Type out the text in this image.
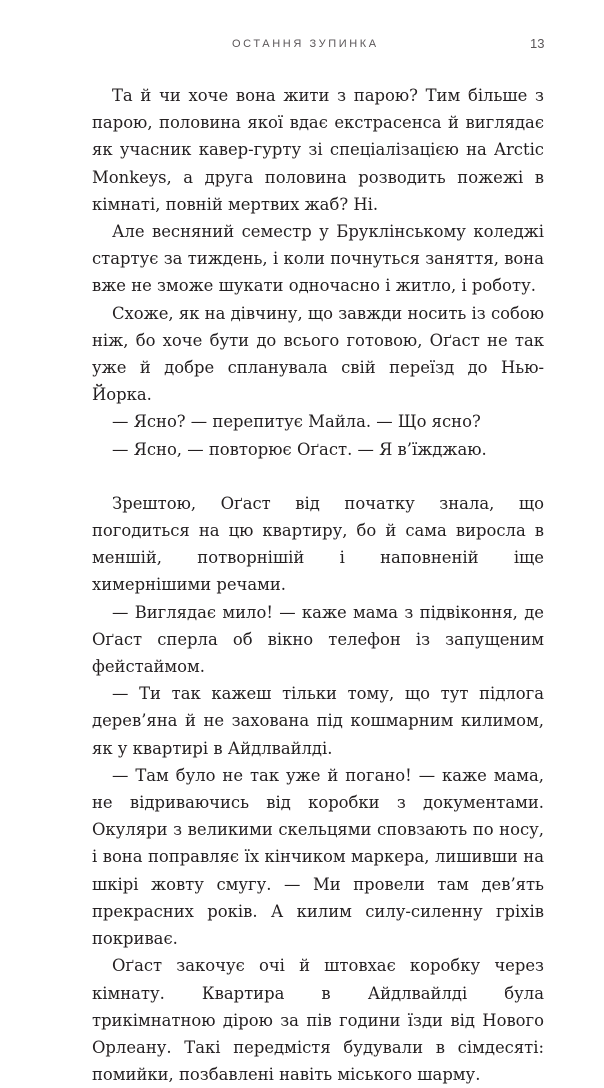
ОСТАННЯ ЗУПИНКА	13

Та й чи хоче вона жити з парою? Тим більше з парою, половина якої вдає екстрасенса й виглядає як учасник кавер-гурту зі спеціалізацією на Arctic Monkeys, а друга половина розводить пожежі в кімнаті, повній мертвих жаб? Ні.

Але весняний семестр у Бруклінському коледжі стартує за тиждень, і коли почнуться заняття, вона вже не зможе шукати одночасно і житло, і роботу.

Схоже, як на дівчину, що завжди носить із собою ніж, бо хоче бути до всього готовою, Оґаст не так уже й добре спланувала свій переїзд до Нью-Йорка.

— Ясно? — перепитує Майла. — Що ясно?

— Ясно, — повторює Оґаст. — Я в’їжджаю.

Зрештою, Оґаст від початку знала, що погодиться на цю квартиру, бо й сама виросла в меншій, потворнішій і наповненій іще химернішими речами.

— Виглядає мило! — каже мама з підвіконня, де Оґаст сперла об вікно телефон із запущеним фейстаймом.

— Ти так кажеш тільки тому, що тут підлога дерев’яна й не захована під кошмарним килимом, як у квартирі в Айдлвайлді.

— Там було не так уже й погано! — каже мама, не відриваючись від коробки з документами. Окуляри з великими скельцями сповзають по носу, і вона поправляє їх кінчиком маркера, лишивши на шкірі жовту смугу. — Ми провели там дев’ять прекрасних років. А килим силу-силенну гріхів покриває.

Оґаст закочує очі й штовхає коробку через кімнату. Квартира в Айдлвайлді була трикімнатною дірою за пів години їзди від Нового Орлеану. Такі передмістя будували в сімдесяті: помийки, позбавлені навіть міського шарму.
